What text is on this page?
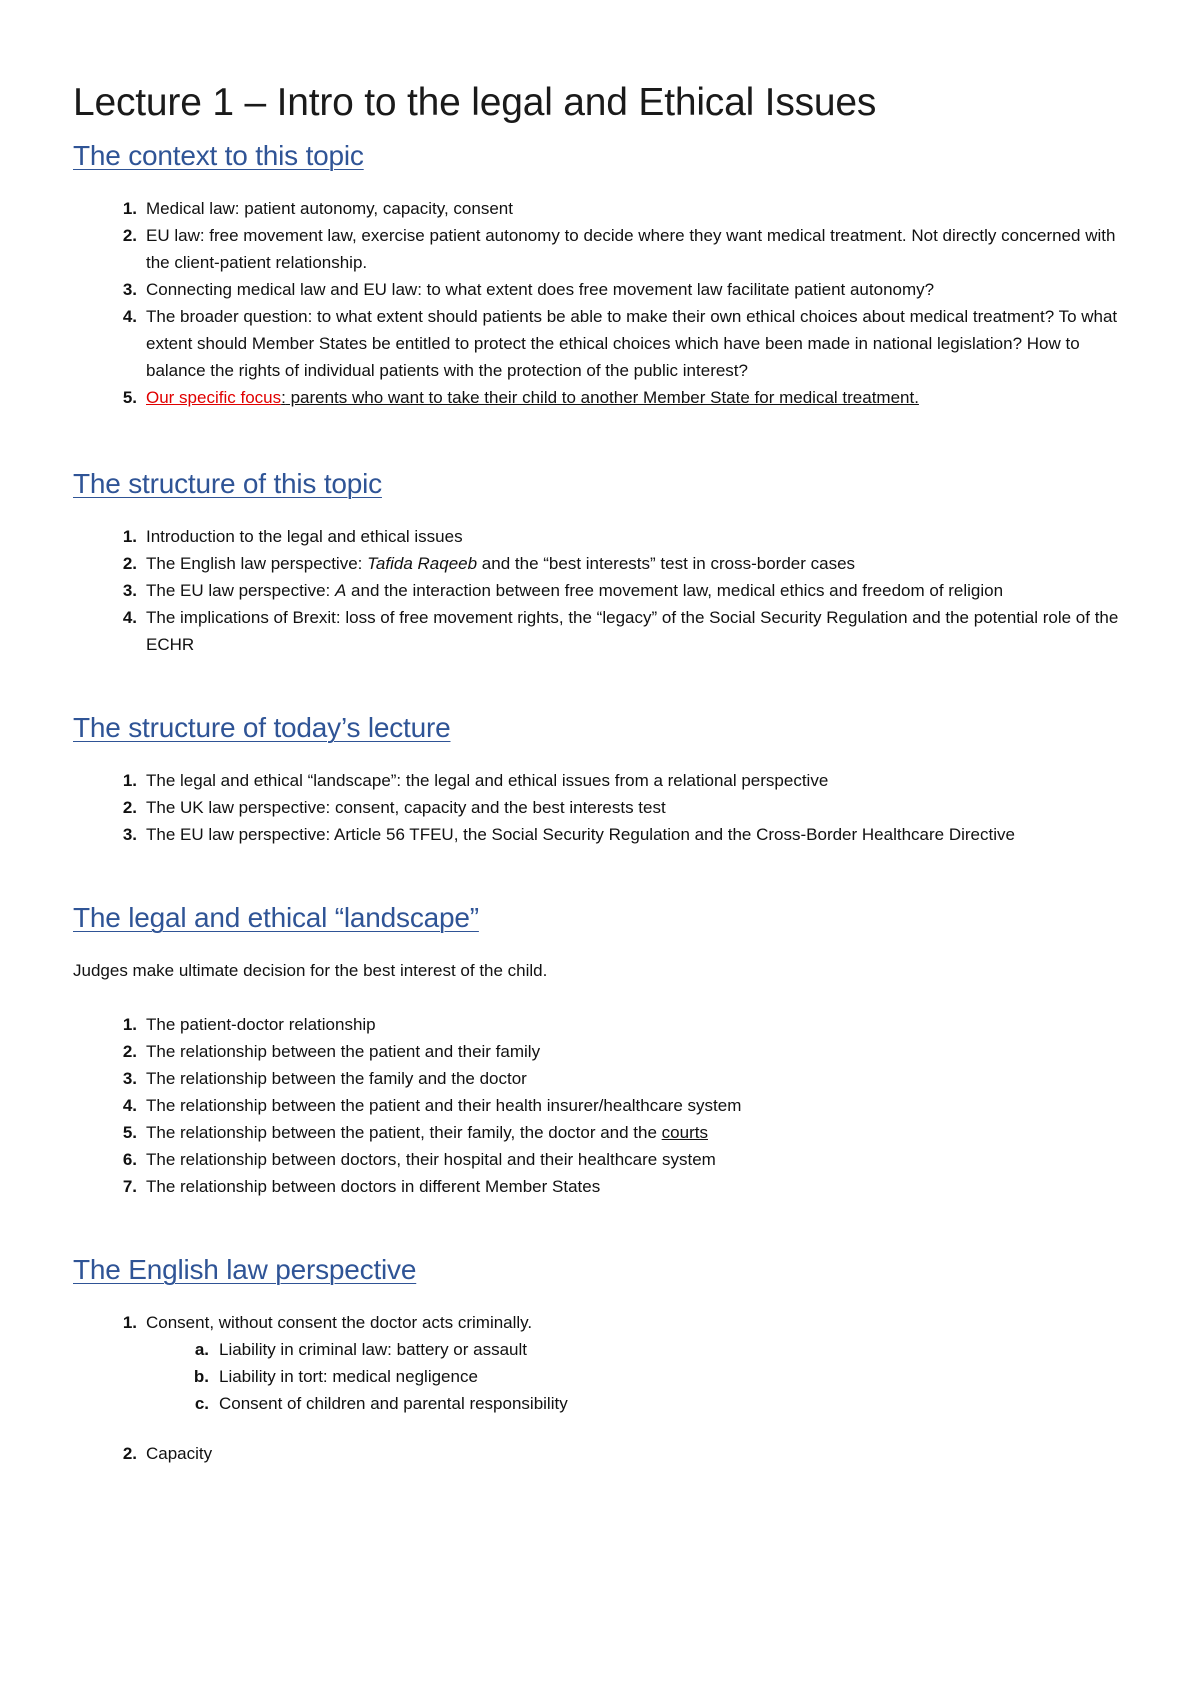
Lecture 1 – Intro to the legal and Ethical Issues
The context to this topic
1. Medical law: patient autonomy, capacity, consent
2. EU law: free movement law, exercise patient autonomy to decide where they want medical treatment. Not directly concerned with the client-patient relationship.
3. Connecting medical law and EU law: to what extent does free movement law facilitate patient autonomy?
4. The broader question: to what extent should patients be able to make their own ethical choices about medical treatment? To what extent should Member States be entitled to protect the ethical choices which have been made in national legislation? How to balance the rights of individual patients with the protection of the public interest?
5. Our specific focus: parents who want to take their child to another Member State for medical treatment.
The structure of this topic
1. Introduction to the legal and ethical issues
2. The English law perspective: Tafida Raqeeb and the “best interests” test in cross-border cases
3. The EU law perspective: A and the interaction between free movement law, medical ethics and freedom of religion
4. The implications of Brexit: loss of free movement rights, the “legacy” of the Social Security Regulation and the potential role of the ECHR
The structure of today’s lecture
1. The legal and ethical “landscape”: the legal and ethical issues from a relational perspective
2. The UK law perspective: consent, capacity and the best interests test
3. The EU law perspective: Article 56 TFEU, the Social Security Regulation and the Cross-Border Healthcare Directive
The legal and ethical “landscape”

Judges make ultimate decision for the best interest of the child.

1. The patient-doctor relationship
2. The relationship between the patient and their family
3. The relationship between the family and the doctor
4. The relationship between the patient and their health insurer/healthcare system
5. The relationship between the patient, their family, the doctor and the courts
6. The relationship between doctors, their hospital and their healthcare system
7. The relationship between doctors in different Member States
The English law perspective
1. Consent, without consent the doctor acts criminally.
a. Liability in criminal law: battery or assault
b. Liability in tort: medical negligence
c. Consent of children and parental responsibility
2. Capacity
